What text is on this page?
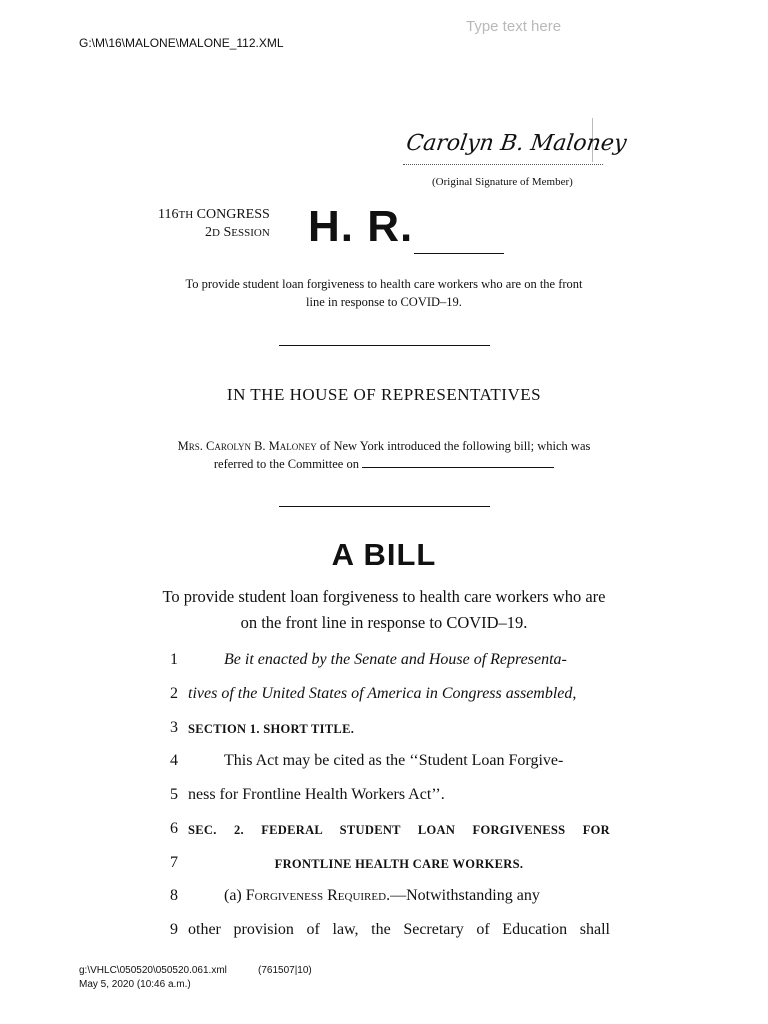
G:\M\16\MALONE\MALONE_112.XML
Type text here
Carolyn B. Maloney
(Original Signature of Member)
116TH CONGRESS
2D SESSION H. R.
To provide student loan forgiveness to health care workers who are on the front line in response to COVID–19.
IN THE HOUSE OF REPRESENTATIVES
Mrs. Carolyn B. Maloney of New York introduced the following bill; which was referred to the Committee on
A BILL
To provide student loan forgiveness to health care workers who are on the front line in response to COVID–19.
1	Be it enacted by the Senate and House of Representa-
2 tives of the United States of America in Congress assembled,
3 SECTION 1. SHORT TITLE.
4	This Act may be cited as the ‘‘Student Loan Forgive-
5 ness for Frontline Health Workers Act’’.
6 SEC. 2. FEDERAL STUDENT LOAN FORGIVENESS FOR
7	FRONTLINE HEALTH CARE WORKERS.
8	(a) Forgiveness Required.—Notwithstanding any
9 other provision of law, the Secretary of Education shall
g:\VHLC\050520\050520.061.xml	(761507|10)
May 5, 2020 (10:46 a.m.)
